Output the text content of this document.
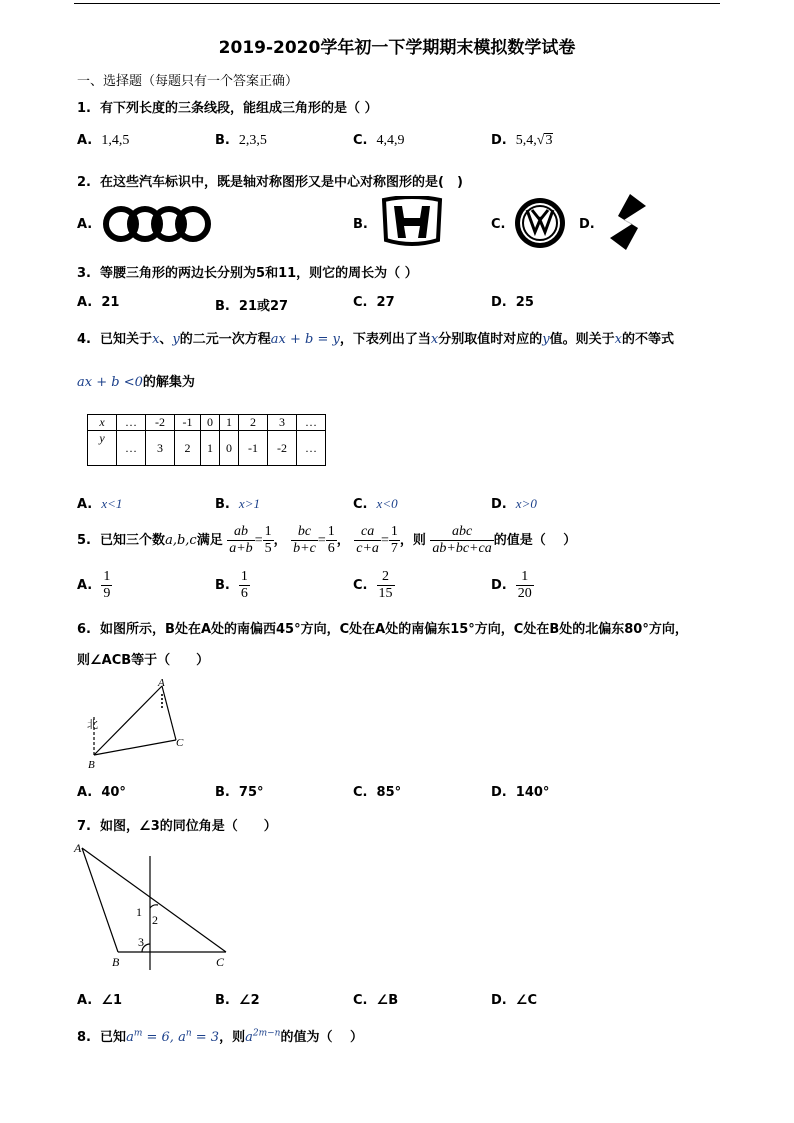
2019-2020学年初一下学期期末模拟数学试卷
一、选择题（每题只有一个答案正确）
1. 有下列长度的三条线段，能组成三角形的是（ ）
A. 1,4,5	B. 2,3,5	C. 4,4,9	D. 5,4,√3
2. 在这些汽车标识中，既是轴对称图形又是中心对称图形的是(　)
A.	B.	C.	D.
3. 等腰三角形的两边长分别为5和11，则它的周长为（ ）
A. 21	B. 21或27	C. 27	D. 25
4. 已知关于x、y的二元一次方程ax + b = y，下表列出了当x分别取值时对应的y值。则关于x的不等式
ax + b <0的解集为
x	…	-2	-1	0	1	2	3	…
y	…	3	2	1	0	-1	-2	…
A. x<1	B. x>1	C. x<0	D. x>0
5. 已知三个数a,b,c满足 $\frac{ab}{a+b} = \frac{1}{5}$ ， $\frac{bc}{b+c} = \frac{1}{6}$ ， $\frac{ca}{c+a} = \frac{1}{7}$ ，则 $\frac{\text{abc}}{ab+bc+ca}$ 的值是（　 ）
A. $\frac{1}{9}$	B. $\frac{1}{6}$	C. $\frac{2}{15}$	D. $\frac{1}{20}$
6. 如图所示，B处在A处的南偏西45°方向，C处在A处的南偏东15°方向，C处在B处的北偏东80°方向，
则∠ACB等于（　　）
北
A
B
C
A. 40°	B. 75°	C. 85°	D. 140°
7. 如图，∠3的同位角是（　　）
A
B	C
1
2
3
A. ∠1	B. ∠2	C. ∠B	D. ∠C
8. 已知$a^m = 6$, $a^n = 3$，则$a^{2m-n}$的值为（　 ）
